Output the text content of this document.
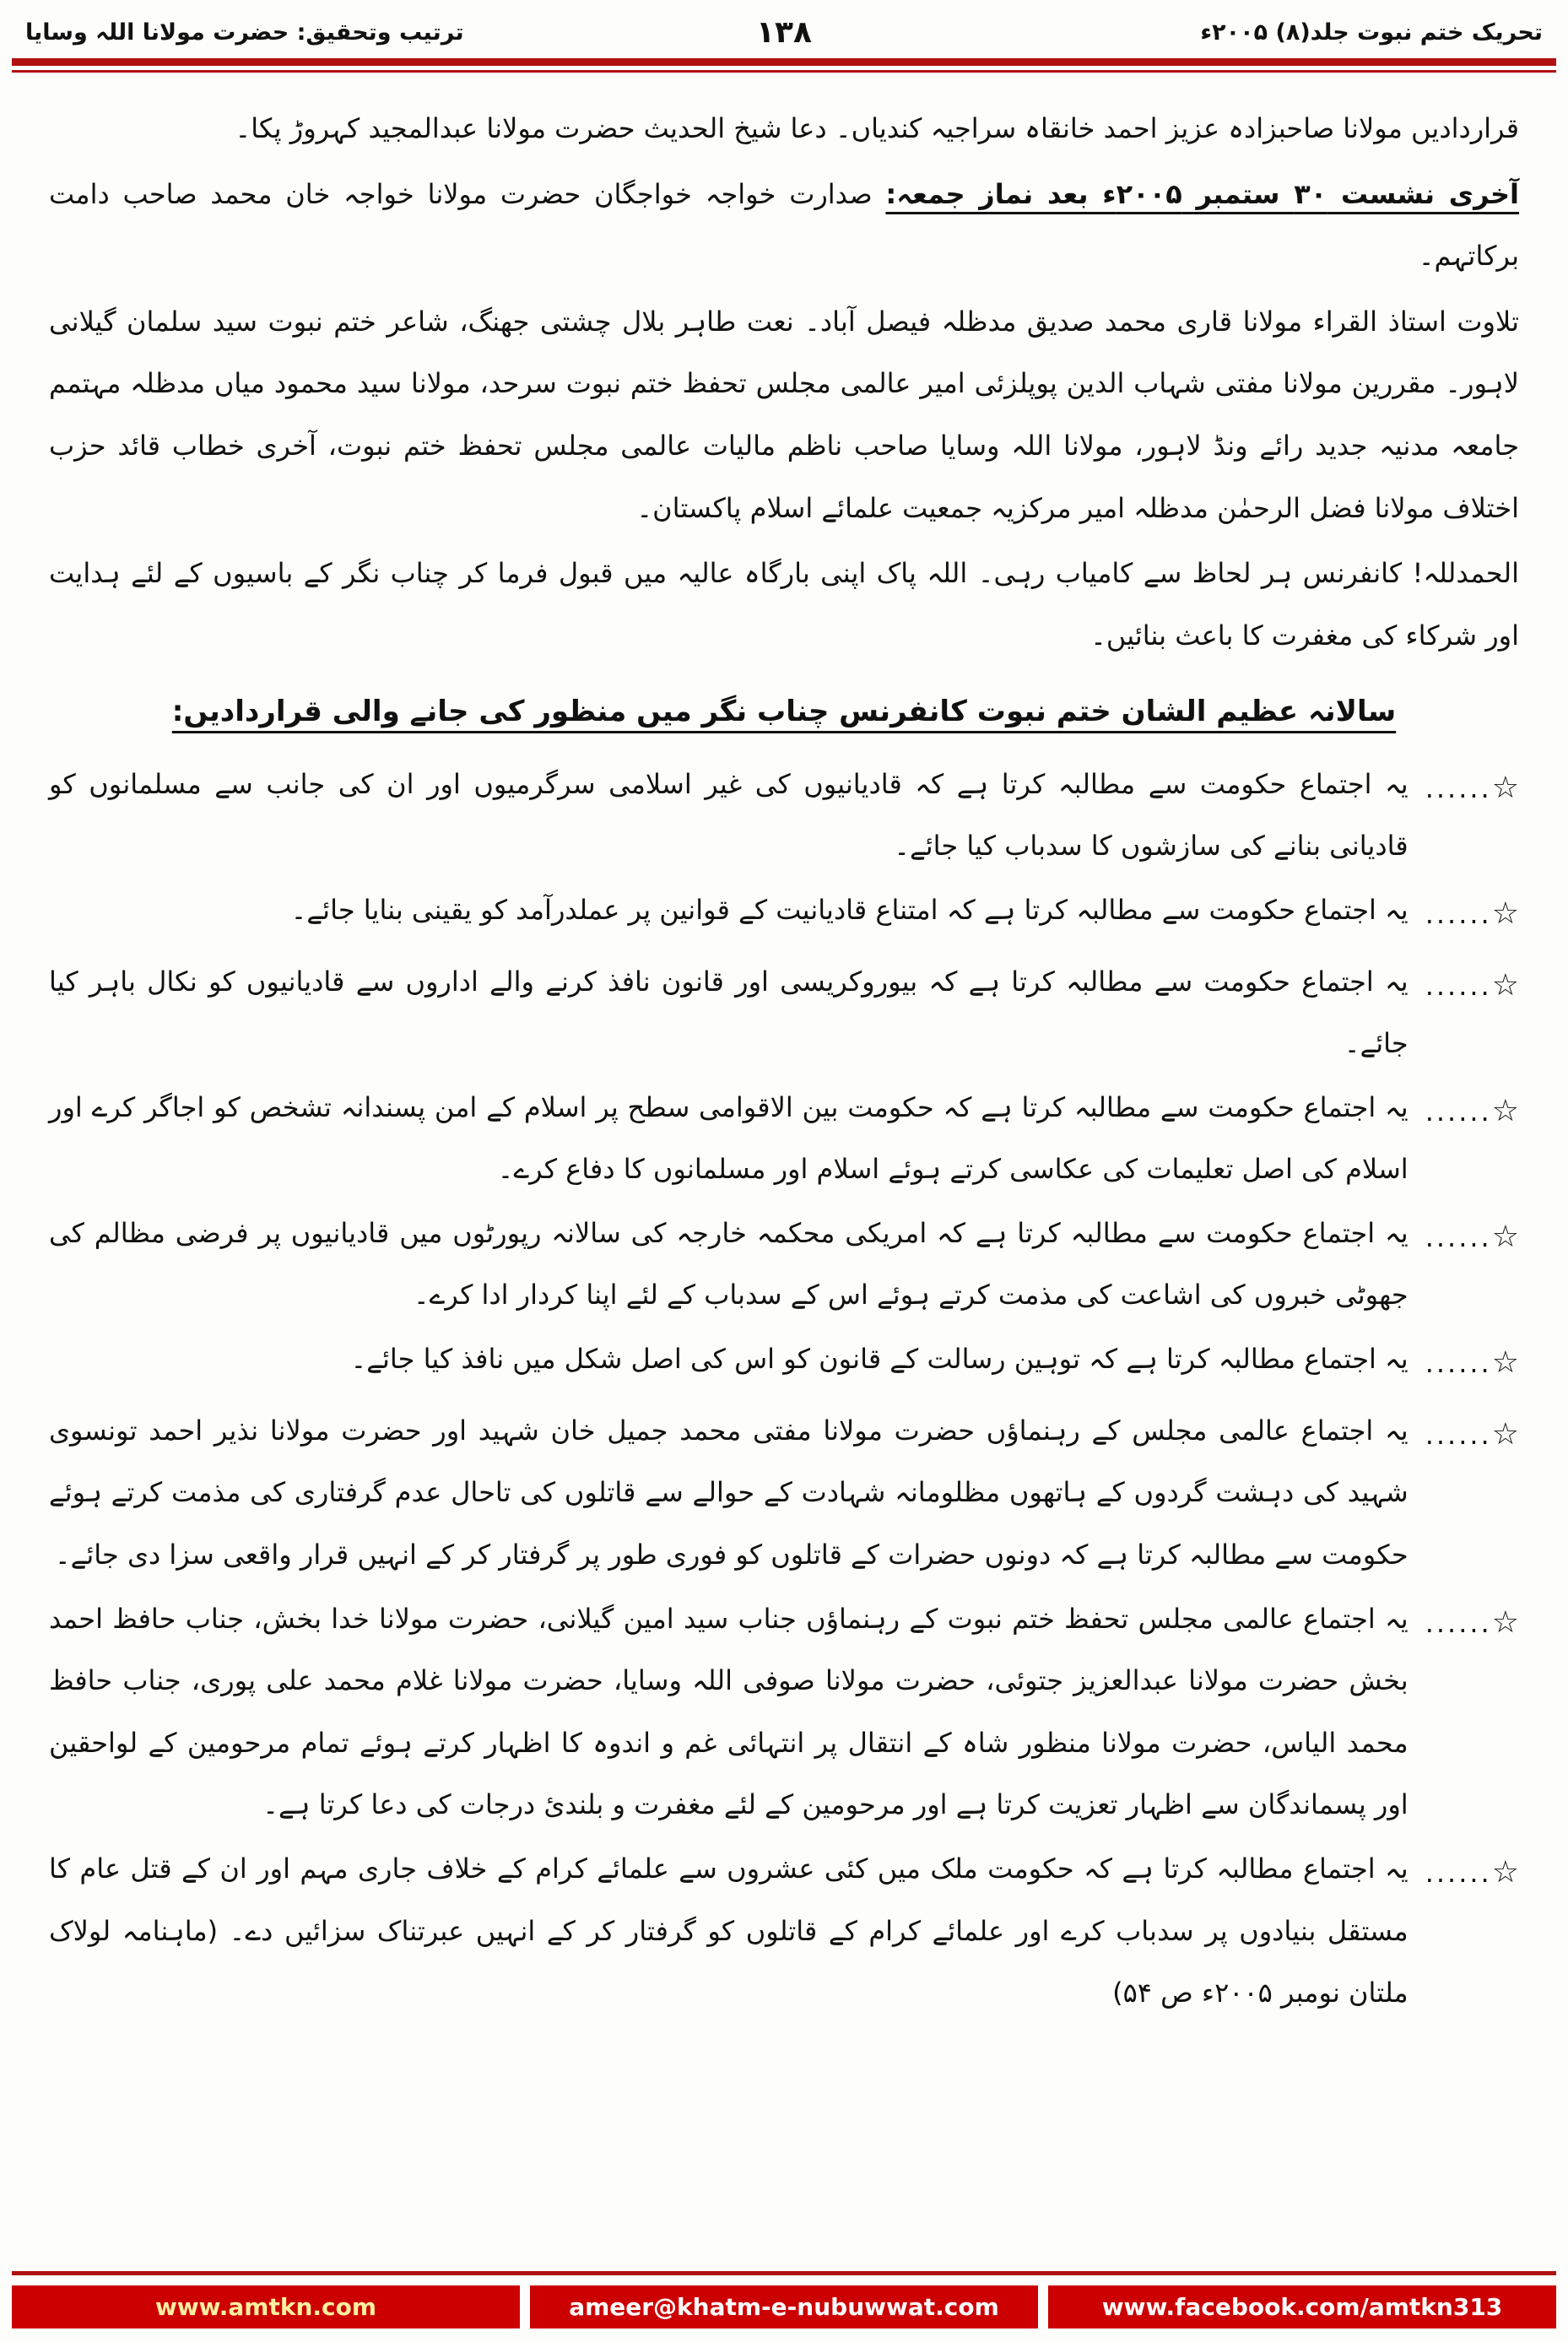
تحریک ختم نبوت جلد(۸) ۲۰۰۵ء
۱۳۸
ترتیب وتحقیق: حضرت مولانا اللہ وسایا

قراردادیں مولانا صاحبزادہ عزیز احمد خانقاہ سراجیہ کندیاں۔ دعا شیخ الحدیث حضرت مولانا عبدالمجید کہروڑ پکا۔

آخری نشست ۳۰ ستمبر ۲۰۰۵ء بعد نماز جمعہ: صدارت خواجہ خواجگان حضرت مولانا خواجہ خان محمد صاحب دامت برکاتہم۔

تلاوت استاذ القراء مولانا قاری محمد صدیق مدظلہ فیصل آباد۔ نعت طاہر بلال چشتی جھنگ، شاعر ختم نبوت سید سلمان گیلانی لاہور۔ مقررین مولانا مفتی شہاب الدین پوپلزئی امیر عالمی مجلس تحفظ ختم نبوت سرحد، مولانا سید محمود میاں مدظلہ مہتمم جامعہ مدنیہ جدید رائے ونڈ لاہور، مولانا اللہ وسایا صاحب ناظم مالیات عالمی مجلس تحفظ ختم نبوت، آخری خطاب قائد حزب اختلاف مولانا فضل الرحمٰن مدظلہ امیر مرکزیہ جمعیت علمائے اسلام پاکستان۔

الحمدللہ! کانفرنس ہر لحاظ سے کامیاب رہی۔ اللہ پاک اپنی بارگاہ عالیہ میں قبول فرما کر چناب نگر کے باسیوں کے لئے ہدایت اور شرکاء کی مغفرت کا باعث بنائیں۔

سالانہ عظیم الشان ختم نبوت کانفرنس چناب نگر میں منظور کی جانے والی قراردادیں:
☆......
یہ اجتماع حکومت سے مطالبہ کرتا ہے کہ قادیانیوں کی غیر اسلامی سرگرمیوں اور ان کی جانب سے مسلمانوں کو قادیانی بنانے کی سازشوں کا سدباب کیا جائے۔
☆......
یہ اجتماع حکومت سے مطالبہ کرتا ہے کہ امتناع قادیانیت کے قوانین پر عملدرآمد کو یقینی بنایا جائے۔
☆......
یہ اجتماع حکومت سے مطالبہ کرتا ہے کہ بیوروکریسی اور قانون نافذ کرنے والے اداروں سے قادیانیوں کو نکال باہر کیا جائے۔
☆......
یہ اجتماع حکومت سے مطالبہ کرتا ہے کہ حکومت بین الاقوامی سطح پر اسلام کے امن پسندانہ تشخص کو اجاگر کرے اور اسلام کی اصل تعلیمات کی عکاسی کرتے ہوئے اسلام اور مسلمانوں کا دفاع کرے۔
☆......
یہ اجتماع حکومت سے مطالبہ کرتا ہے کہ امریکی محکمہ خارجہ کی سالانہ رپورٹوں میں قادیانیوں پر فرضی مظالم کی جھوٹی خبروں کی اشاعت کی مذمت کرتے ہوئے اس کے سدباب کے لئے اپنا کردار ادا کرے۔
☆......
یہ اجتماع مطالبہ کرتا ہے کہ توہین رسالت کے قانون کو اس کی اصل شکل میں نافذ کیا جائے۔
☆......
یہ اجتماع عالمی مجلس کے رہنماؤں حضرت مولانا مفتی محمد جمیل خان شہید اور حضرت مولانا نذیر احمد تونسوی شہید کی دہشت گردوں کے ہاتھوں مظلومانہ شہادت کے حوالے سے قاتلوں کی تاحال عدم گرفتاری کی مذمت کرتے ہوئے حکومت سے مطالبہ کرتا ہے کہ دونوں حضرات کے قاتلوں کو فوری طور پر گرفتار کر کے انہیں قرار واقعی سزا دی جائے۔
☆......
یہ اجتماع عالمی مجلس تحفظ ختم نبوت کے رہنماؤں جناب سید امین گیلانی، حضرت مولانا خدا بخش، جناب حافظ احمد بخش حضرت مولانا عبدالعزیز جتوئی، حضرت مولانا صوفی اللہ وسایا، حضرت مولانا غلام محمد علی پوری، جناب حافظ محمد الیاس، حضرت مولانا منظور شاہ کے انتقال پر انتہائی غم و اندوہ کا اظہار کرتے ہوئے تمام مرحومین کے لواحقین اور پسماندگان سے اظہار تعزیت کرتا ہے اور مرحومین کے لئے مغفرت و بلندیٔ درجات کی دعا کرتا ہے۔
☆......
یہ اجتماع مطالبہ کرتا ہے کہ حکومت ملک میں کئی عشروں سے علمائے کرام کے خلاف جاری مہم اور ان کے قتل عام کا مستقل بنیادوں پر سدباب کرے اور علمائے کرام کے قاتلوں کو گرفتار کر کے انہیں عبرتناک سزائیں دے۔ (ماہنامہ لولاک ملتان نومبر ۲۰۰۵ء ص ۵۴)
www.amtkn.com	ameer@khatm-e-nubuwwat.com	www.facebook.com/amtkn313
